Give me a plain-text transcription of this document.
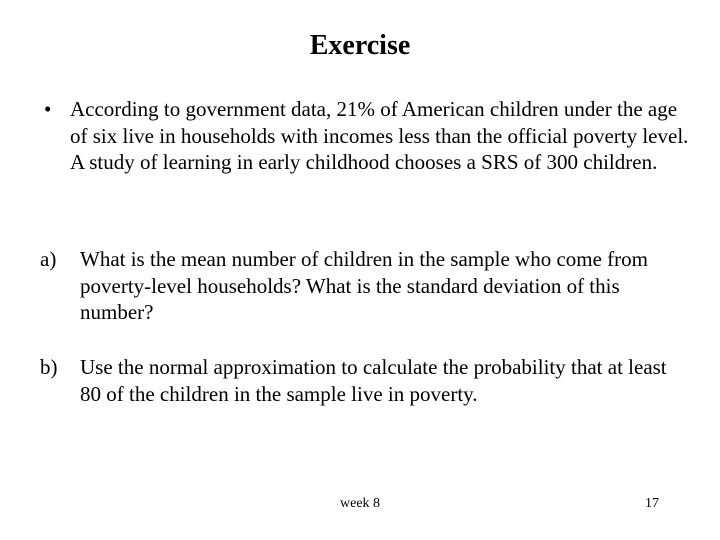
Exercise
• According to government data, 21% of American children under the age of six live in households with incomes less than the official poverty level. A study of learning in early childhood chooses a SRS of 300 children.
a) What is the mean number of children in the sample who come from poverty-level households? What is the standard deviation of this number?
b) Use the normal approximation to calculate the probability that at least 80 of the children in the sample live in poverty.
week 8	17
